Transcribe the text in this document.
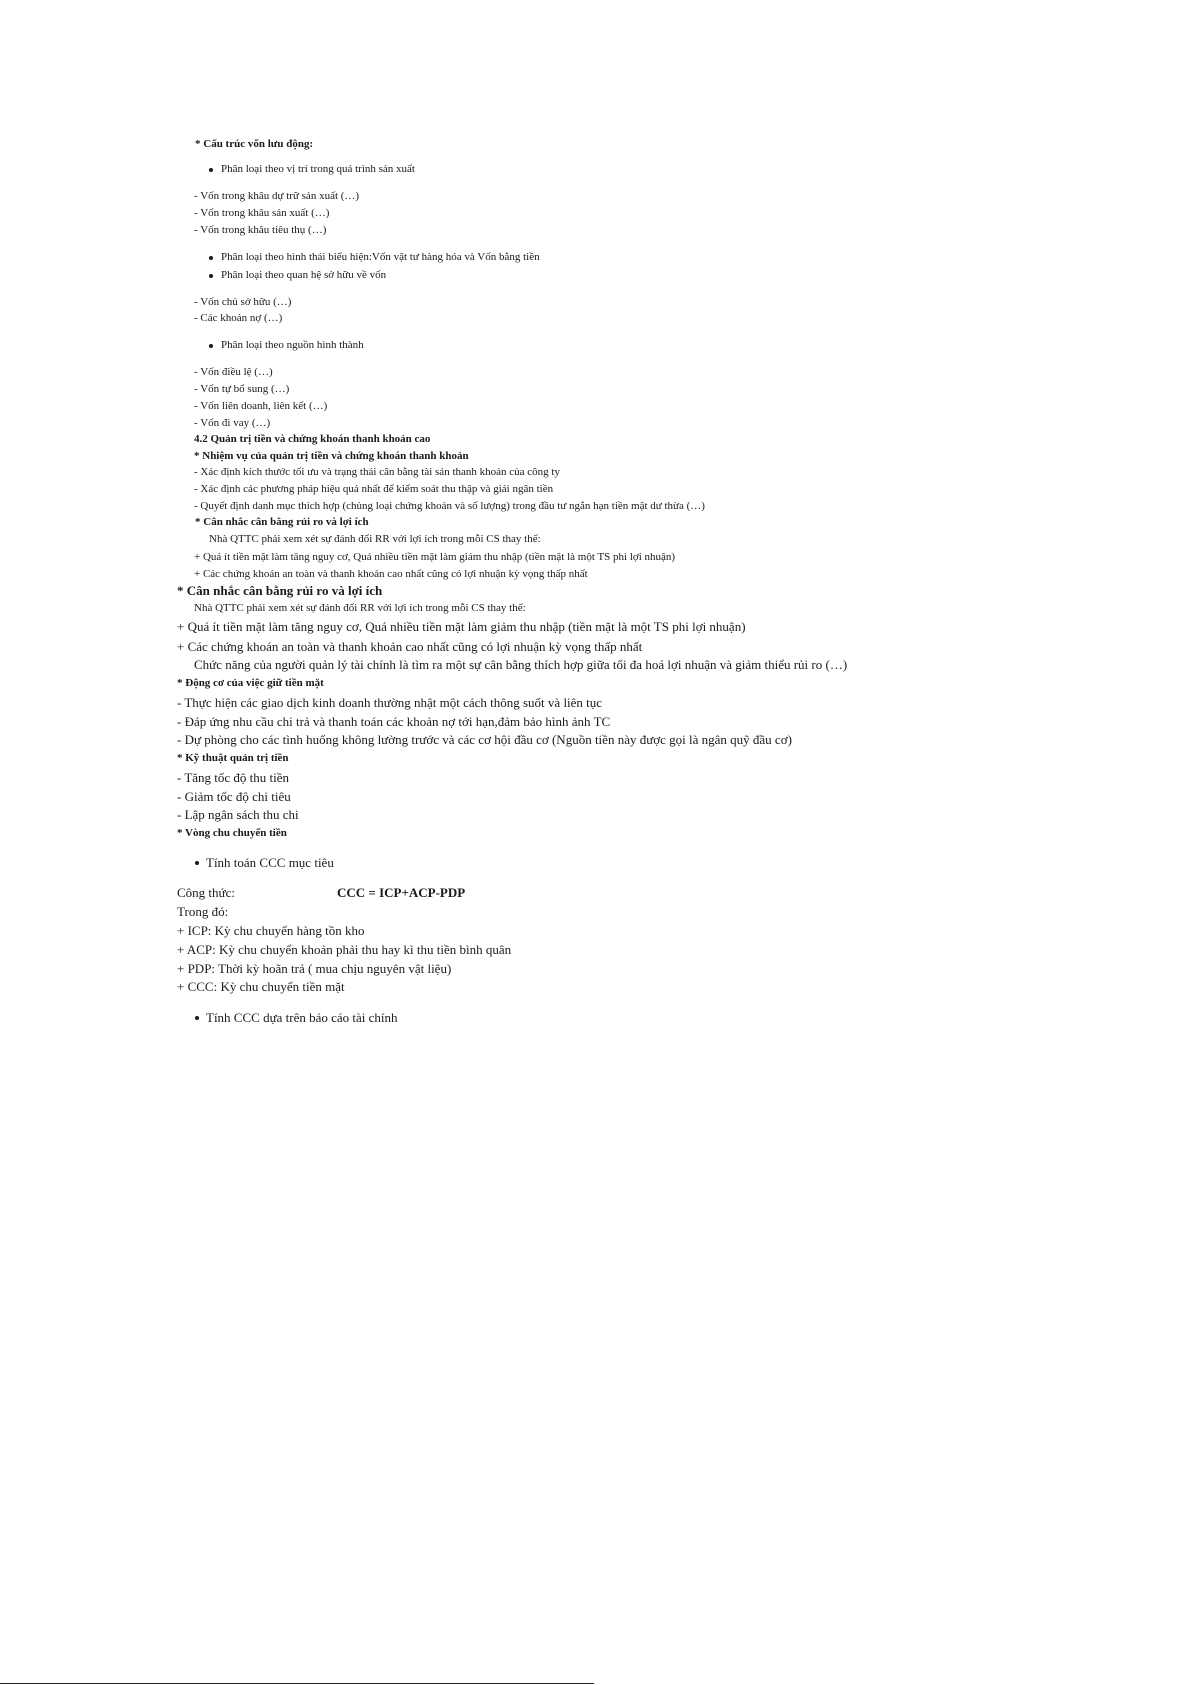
* Cấu trúc vốn lưu động:
Phân loại theo vị trí trong quá trình sản xuất
- Vốn trong khâu dự trữ sản xuất (…)
- Vốn trong khâu sản xuất (…)
- Vốn trong khâu tiêu thụ (…)
Phân loại theo hình thái biểu hiện:Vốn vật tư hàng hóa và Vốn bằng tiền
Phân loại theo quan hệ sở hữu về vốn
- Vốn chủ sở hữu (…)
- Các khoản nợ (…)
Phân loại theo nguồn hình thành
- Vốn điều lệ (…)
- Vốn tự bổ sung (…)
- Vốn liên doanh, liên kết (…)
- Vốn đi vay (…)
4.2 Quản trị tiền và chứng khoán thanh khoản cao
* Nhiệm vụ của quản trị tiền và chứng khoán thanh khoản
- Xác định kích thước tối ưu và trạng thái cân bằng tài sản thanh khoản của công ty
- Xác định các phương pháp hiệu quả nhất để kiểm soát thu thập và giải ngân tiền
- Quyết định danh mục thích hợp (chủng loại chứng khoán và số lượng) trong đầu tư ngắn hạn tiền mặt dư thừa (…)
* Cân nhắc cân bằng rủi ro và lợi ích
Nhà QTTC phải xem xét sự đánh đổi RR với lợi ích trong mỗi CS thay thế:
+ Quá ít tiền mặt làm tăng nguy cơ, Quá nhiều tiền mặt làm giảm thu nhập (tiền mặt là một TS phi lợi nhuận)
+ Các chứng khoán an toàn và thanh khoản cao nhất cũng có lợi nhuận kỳ vọng thấp nhất
* Cân nhắc cân bằng rủi ro và lợi ích
Nhà QTTC phải xem xét sự đánh đổi RR với lợi ích trong mỗi CS thay thế:
+ Quá ít tiền mặt làm tăng nguy cơ, Quá nhiều tiền mặt làm giảm thu nhập (tiền mặt là một TS phi lợi nhuận)
+ Các chứng khoán an toàn và thanh khoản cao nhất cũng có lợi nhuận kỳ vọng thấp nhất
Chức năng của người quản lý tài chính là tìm ra một sự cân bằng thích hợp giữa tối đa hoá lợi nhuận và giảm thiểu rủi ro (…)
* Động cơ của việc giữ tiền mặt
- Thực hiện các giao dịch kinh doanh thường nhật một cách thông suốt và liên tục
- Đáp ứng nhu cầu chi trả và thanh toán các khoản nợ tới hạn,đảm bảo hình ảnh TC
- Dự phòng cho các tình huống không lường trước và các cơ hội đầu cơ (Nguồn tiền này được gọi là ngân quỹ đầu cơ)
* Kỹ thuật quản trị tiền
- Tăng tốc độ thu tiền
- Giảm tốc độ chi tiêu
- Lập ngân sách thu chi
* Vòng chu chuyển tiền
Tính toán CCC mục tiêu
Công thức:	CCC = ICP+ACP-PDP
Trong đó:
+ ICP: Kỳ chu chuyển hàng tồn kho
+ ACP: Kỳ chu chuyển khoản phải thu hay kì thu tiền bình quân
+ PDP: Thời kỳ hoãn trả ( mua chịu nguyên vật liệu)
+ CCC: Kỳ chu chuyển tiền mặt
Tính CCC dựa trên báo cáo tài chính
